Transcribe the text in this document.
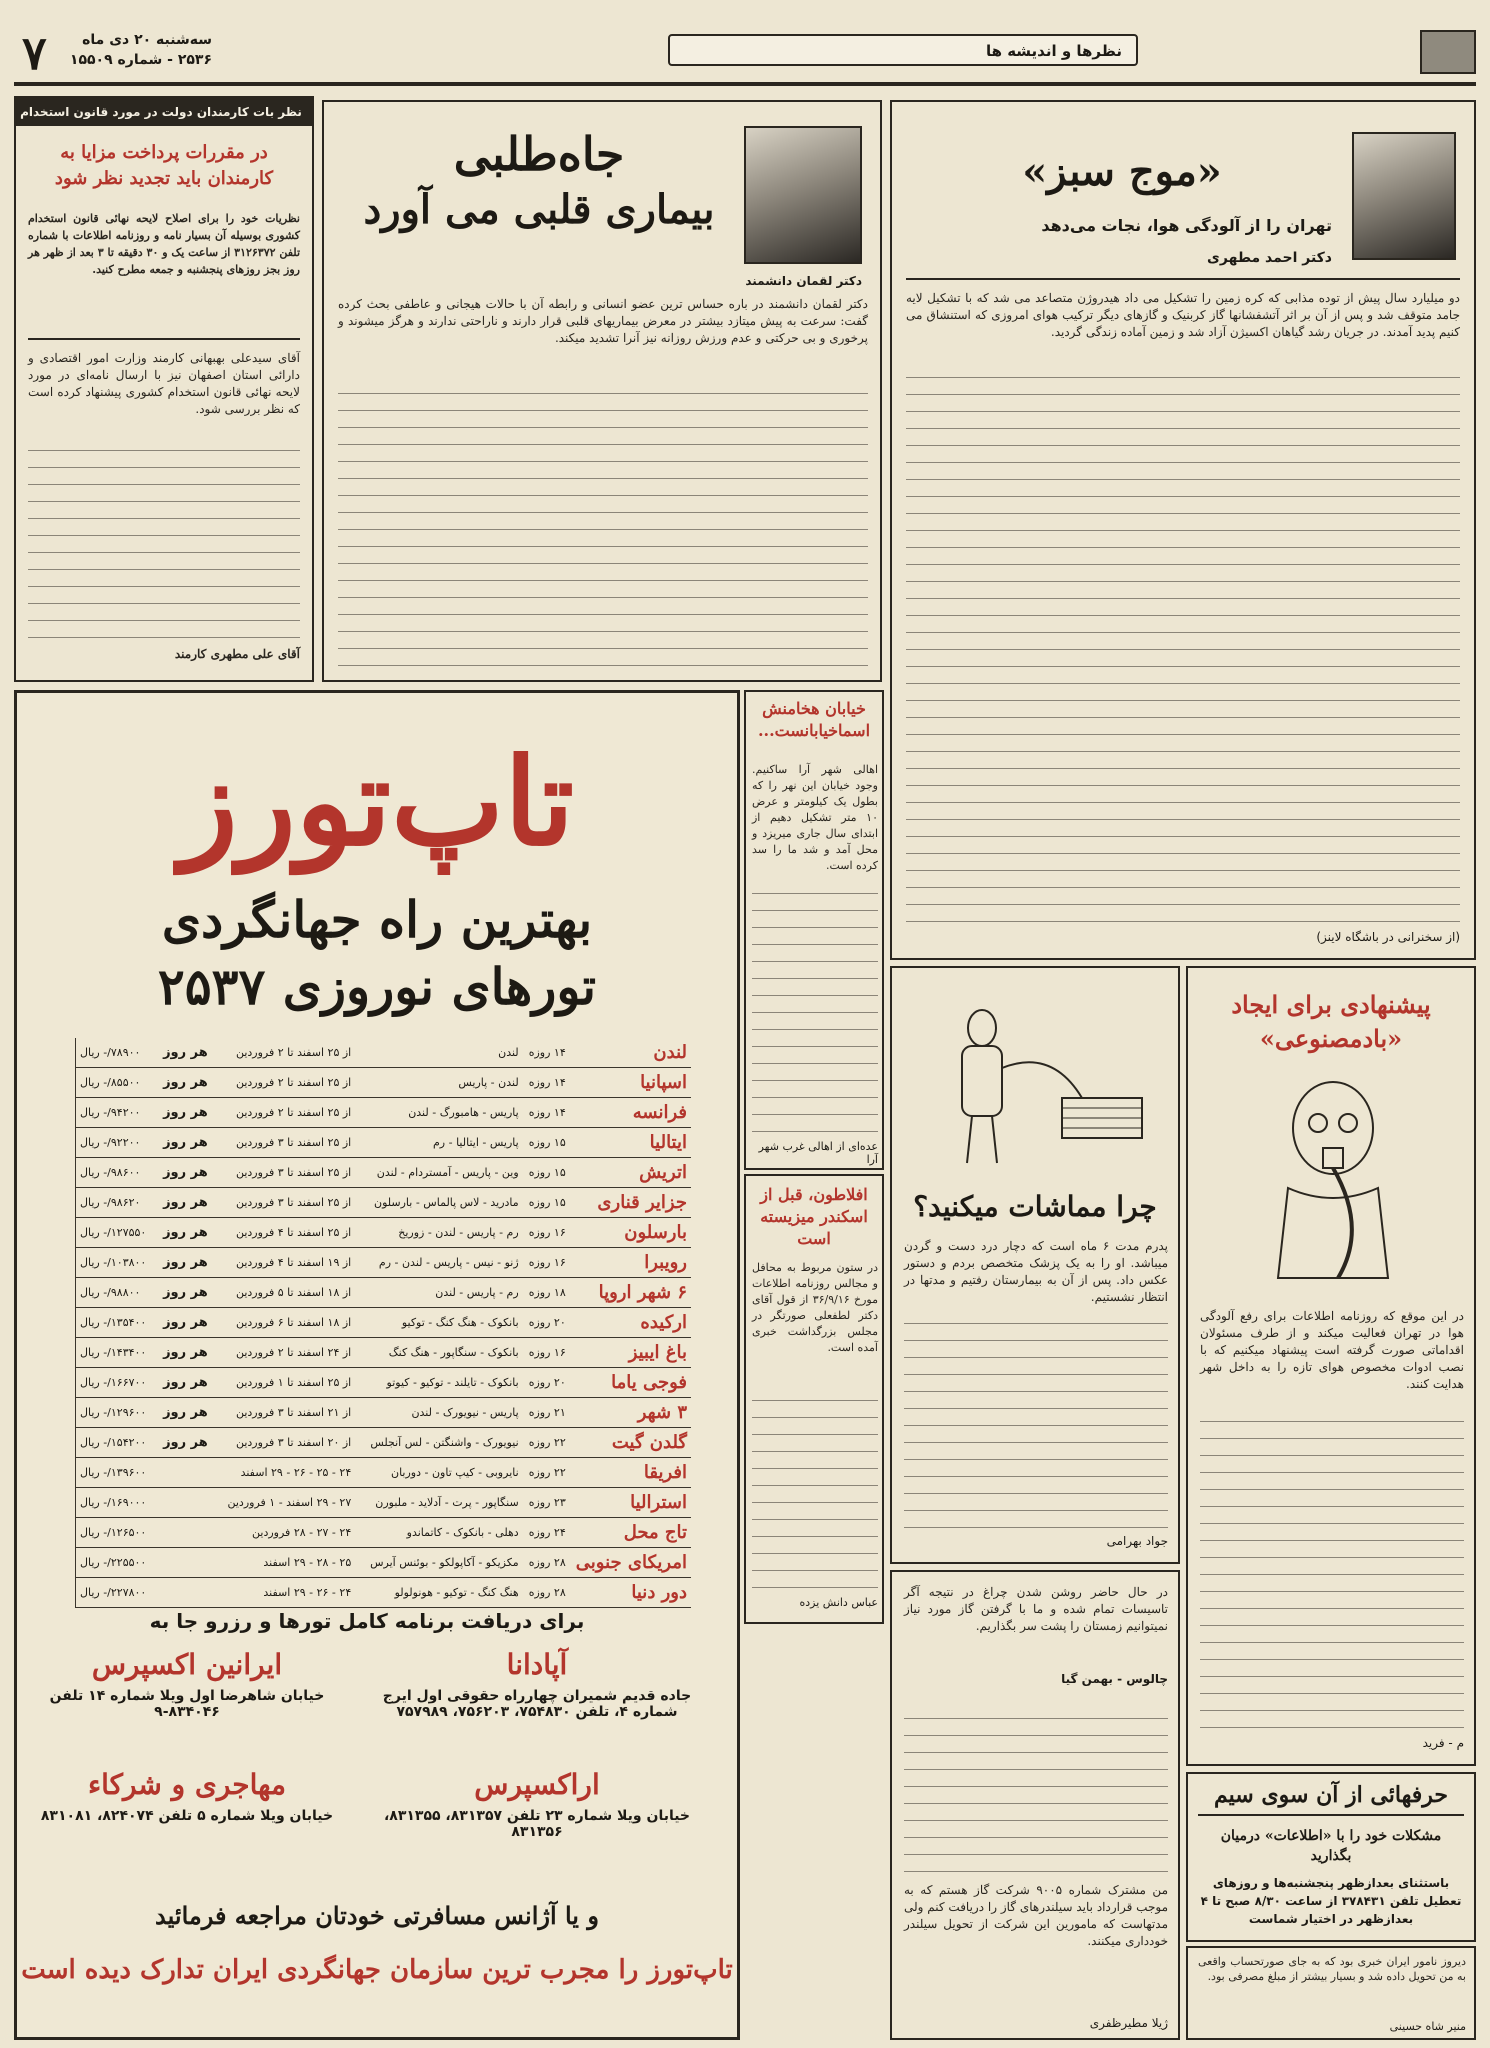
۷	سه‌شنبه ۲۰ دی ماه
۲۵۳۶ - شماره ۱۵۵۰۹	نظرها و اندیشه ها
نظر بات کارمندان دولت در مورد قانون استخدام
در مقررات پرداخت مزایا به کارمندان باید تجدید نظر شود
نظریات خود را برای اصلاح لایحه نهائی قانون استخدام کشوری بوسیله آن بسیار نامه و روزنامه اطلاعات با شماره تلفن ۳۱۲۶۳۷۲ از ساعت یک و ۳۰ دقیقه تا ۳ بعد از ظهر هر روز بجز روزهای پنجشنبه و جمعه مطرح کنید.
آقای سیدعلی بهبهانی کارمند وزارت امور اقتصادی و دارائی استان اصفهان نیز با ارسال نامه‌ای در مورد لایحه نهائی قانون استخدام کشوری پیشنهاد کرده است که نظر بررسی شود.
آقای علی مطهری کارمند
جاه‌طلبی
بیماری قلبی می آورد
دکتر لقمان دانشمند
دکتر لقمان دانشمند در باره حساس ترین عضو انسانی و رابطه آن با حالات هیجانی و عاطفی بحث کرده گفت: سرعت به پیش میتازد بیشتر در معرض بیماریهای قلبی قرار دارند و ناراحتی ندارند و هرگز میشوند و پرخوری و بی حرکتی و عدم ورزش روزانه نیز آنرا تشدید میکند.
«موج سبز»
تهران را از آلودگی هوا، نجات می‌دهد
دکتر احمد مطهری
دو میلیارد سال پیش از توده مذابی که کره زمین را تشکیل می داد هیدروژن متصاعد می شد که با تشکیل لایه جامد متوقف شد و پس از آن بر اثر آتشفشانها گاز کربنیک و گازهای دیگر ترکیب هوای امروزی که استنشاق می کنیم پدید آمدند. در جریان رشد گیاهان اکسیژن آزاد شد و زمین آماده زندگی گردید.
(از سخنرانی در باشگاه لاینز)
تاپ‌تورز
بهترین راه جهانگردی
تورهای نوروزی ۲۵۳۷
لندن	۱۴ روزه	لندن	از ۲۵ اسفند تا ۲ فروردین	هر روز	۷۸۹۰۰/- ریال
اسپانیا	۱۴ روزه	لندن - پاریس	از ۲۵ اسفند تا ۲ فروردین	هر روز	۸۵۵۰۰/- ریال
فرانسه	۱۴ روزه	پاریس - هامبورگ - لندن	از ۲۵ اسفند تا ۲ فروردین	هر روز	۹۴۲۰۰/- ریال
ایتالیا	۱۵ روزه	پاریس - ایتالیا - رم	از ۲۵ اسفند تا ۳ فروردین	هر روز	۹۲۲۰۰/- ریال
اتریش	۱۵ روزه	وین - پاریس - آمستردام - لندن	از ۲۵ اسفند تا ۳ فروردین	هر روز	۹۸۶۰۰/- ریال
جزایر قناری	۱۵ روزه	مادرید - لاس پالماس - بارسلون	از ۲۵ اسفند تا ۳ فروردین	هر روز	۹۸۶۲۰/- ریال
بارسلون	۱۶ روزه	رم - پاریس - لندن - زوریخ	از ۲۵ اسفند تا ۴ فروردین	هر روز	۱۲۷۵۵۰/- ریال
رویبرا	۱۶ روزه	ژنو - نیس - پاریس - لندن - رم	از ۱۹ اسفند تا ۴ فروردین	هر روز	۱۰۳۸۰۰/- ریال
۶ شهر اروپا	۱۸ روزه	رم - پاریس - لندن	از ۱۸ اسفند تا ۵ فروردین	هر روز	۹۸۸۰۰/- ریال
ارکیده	۲۰ روزه	بانکوک - هنگ کنگ - توکیو	از ۱۸ اسفند تا ۶ فروردین	هر روز	۱۳۵۴۰۰/- ریال
باغ ایبیز	۱۶ روزه	بانکوک - سنگاپور - هنگ کنگ	از ۲۴ اسفند تا ۲ فروردین	هر روز	۱۴۳۴۰۰/- ریال
فوجی یاما	۲۰ روزه	بانکوک - تایلند - توکیو - کیوتو	از ۲۵ اسفند تا ۱ فروردین	هر روز	۱۶۶۷۰۰/- ریال
۳ شهر	۲۱ روزه	پاریس - نیویورک - لندن	از ۲۱ اسفند تا ۳ فروردین	هر روز	۱۲۹۶۰۰/- ریال
گلدن گیت	۲۲ روزه	نیویورک - واشنگتن - لس آنجلس	از ۲۰ اسفند تا ۳ فروردین	هر روز	۱۵۴۲۰۰/- ریال
افریقا	۲۲ روزه	نایروبی - کیپ تاون - دوربان	۲۴ - ۲۵ - ۲۶ - ۲۹ اسفند		۱۳۹۶۰۰/- ریال
استرالیا	۲۳ روزه	سنگاپور - پرت - آدلاید - ملبورن	۲۷ - ۲۹ اسفند - ۱ فروردین		۱۶۹۰۰۰/- ریال
تاج محل	۲۴ روزه	دهلی - بانکوک - کاتماندو	۲۴ - ۲۷ - ۲۸ فروردین		۱۲۶۵۰۰/- ریال
امریکای جنوبی	۲۸ روزه	مکزیکو - آکاپولکو - بوئنس آیرس	۲۵ - ۲۸ - ۲۹ اسفند		۲۲۵۵۰۰/- ریال
دور دنیا	۲۸ روزه	هنگ کنگ - توکیو - هونولولو	۲۴ - ۲۶ - ۲۹ اسفند		۲۲۷۸۰۰/- ریال
برای دریافت برنامه کامل تورها و رزرو جا به
ایرانین اکسپرس
خیابان شاهرضا اول ویلا شماره ۱۴ تلفن ۸۳۴۰۴۶-۹
آپادانا
جاده قدیم شمیران چهارراه حقوقی اول ایرج شماره ۴، تلفن ۷۵۴۸۳۰، ۷۵۶۲۰۳، ۷۵۷۹۸۹
مهاجری و شرکاء
خیابان ویلا شماره ۵ تلفن ۸۲۴۰۷۴، ۸۳۱۰۸۱
اراکسپرس
خیابان ویلا شماره ۲۳ تلفن ۸۳۱۳۵۷، ۸۳۱۳۵۵، ۸۳۱۳۵۶
و یا آژانس مسافرتی خودتان مراجعه فرمائید
تاپ‌تورز را مجرب ترین سازمان جهانگردی ایران تدارک دیده است
خیابان هخامنش اسماخیابانست...
اهالی شهر آرا ساکنیم. وجود خیابان این نهر را که بطول یک کیلومتر و عرض ۱۰ متر تشکیل دهیم از ابتدای سال جاری میریزد و محل آمد و شد ما را سد کرده است.
عده‌ای از اهالی غرب شهر آرا
افلاطون، قبل از اسکندر میزیسته است
در ستون مربوط به محافل و مجالس روزنامه اطلاعات مورخ ۳۶/۹/۱۶ از قول آقای دکتر لطفعلی صورتگر در مجلس بزرگداشت خبری آمده است.
عباس دانش یزده
چرا مماشات میکنید؟
پدرم مدت ۶ ماه است که دچار درد دست و گردن میباشد. او را به یک پزشک متخصص بردم و دستور عکس داد. پس از آن به بیمارستان رفتیم و مدتها در انتظار نشستیم.
جواد بهرامی
پیشنهادی برای ایجاد «بادمصنوعی»
در این موقع که روزنامه اطلاعات برای رفع آلودگی هوا در تهران فعالیت میکند و از طرف مسئولان اقداماتی صورت گرفته است پیشنهاد میکنیم که با نصب ادوات مخصوص هوای تازه را به داخل شهر هدایت کنند.
م - فرید
در حال حاضر روشن شدن چراغ در نتیجه آگر تاسیسات تمام شده و ما با گرفتن گاز مورد نیاز نمیتوانیم زمستان را پشت سر بگذاریم.
چالوس - بهمن گیا
من مشترک شماره ۹۰۰۵ شرکت گاز هستم که به موجب قرارداد باید سیلندرهای گاز را دریافت کنم ولی مدتهاست که مامورین این شرکت از تحویل سیلندر خودداری میکنند.
ژیلا مطیرظفری
حرفهائی از آن سوی سیم
مشکلات خود را با «اطلاعات» درمیان بگذارید
باستثنای بعدازظهر پنجشنبه‌ها و روزهای تعطیل تلفن ۳۷۸۴۳۱ از ساعت ۸/۳۰ صبح تا ۴ بعدازظهر در اختیار شماست
دیروز نامور ایران خبری بود که به جای صورتحساب واقعی به من تحویل داده شد و بسیار بیشتر از مبلغ مصرفی بود.
منیر شاه حسینی
